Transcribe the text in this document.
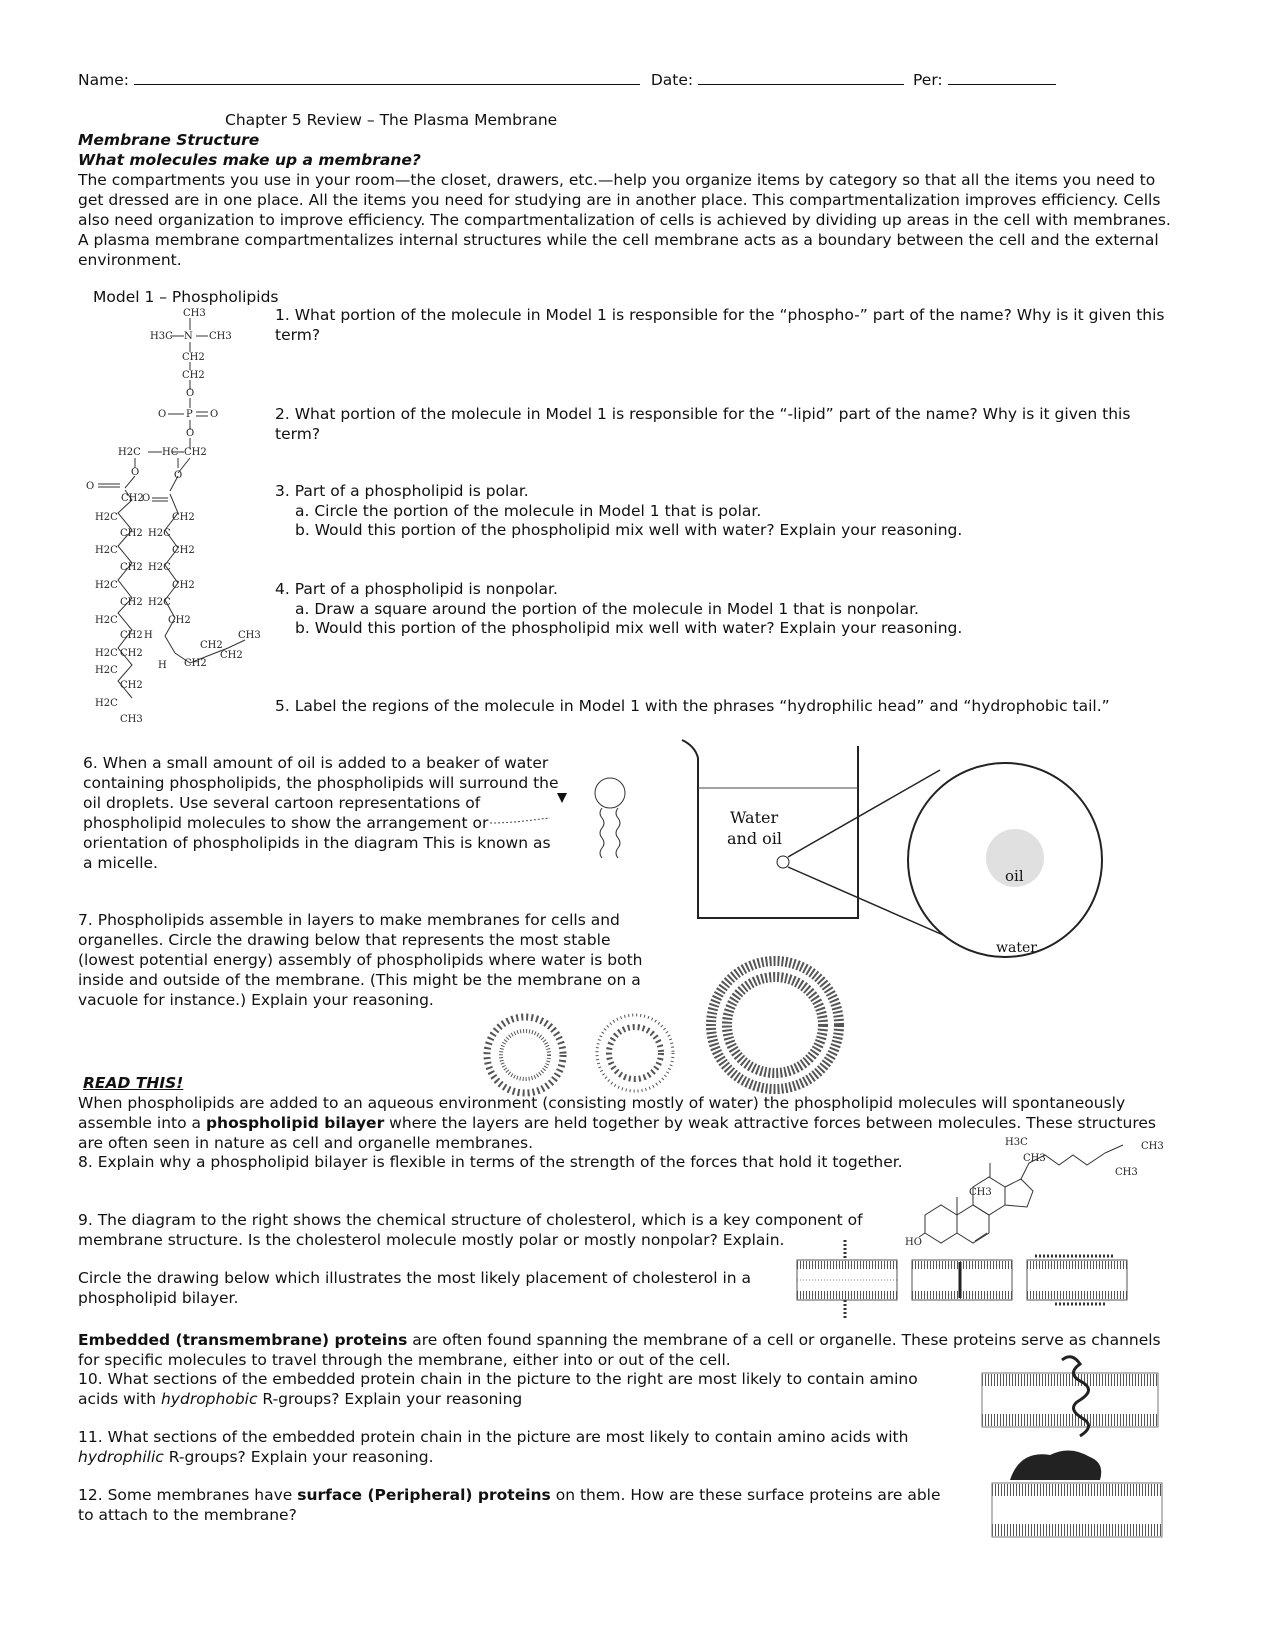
Name:	Date:	Per:
Chapter 5 Review – The Plasma Membrane
Membrane Structure
What molecules make up a membrane?
The compartments you use in your room—the closet, drawers, etc.—help you organize items by category so that all the items you need to get dressed are in one place. All the items you need for studying are in another place. This compartmentalization improves efficiency. Cells also need organization to improve efficiency. The compartmentalization of cells is achieved by dividing up areas in the cell with membranes. A plasma membrane compartmentalizes internal structures while the cell membrane acts as a boundary between the cell and the external environment.
Model 1 – Phospholipids
CH3
H3C N CH3
CH2
CH2
O
O P O
O
H2C HC CH2
O	O
O
CH2
O
H2C	CH2
CH2 H2C
H2C	CH2
CH2 H2C
H2C	CH2
CH2 H2C
H2C	CH2
CH2 H
CH2
CH3
H2C CH2	CH2
H CH2
H2C
CH2
H2C
CH3
1. What portion of the molecule in Model 1 is responsible for the “phospho-” part of the name? Why is it given this term?
2. What portion of the molecule in Model 1 is responsible for the “-lipid” part of the name? Why is it given this term?
3. Part of a phospholipid is polar.
a. Circle the portion of the molecule in Model 1 that is polar.
b. Would this portion of the phospholipid mix well with water? Explain your reasoning.
4. Part of a phospholipid is nonpolar.
a. Draw a square around the portion of the molecule in Model 1 that is nonpolar.
b. Would this portion of the phospholipid mix well with water? Explain your reasoning.
5. Label the regions of the molecule in Model 1 with the phrases “hydrophilic head” and “hydrophobic tail.”
6. When a small amount of oil is added to a beaker of water containing phospholipids, the phospholipids will surround the oil droplets. Use several cartoon representations of phospholipid molecules to show the arrangement or orientation of phospholipids in the diagram This is known as a micelle.
Water
and oil
oil
water
7. Phospholipids assemble in layers to make membranes for cells and organelles. Circle the drawing below that represents the most stable (lowest potential energy) assembly of phospholipids where water is both inside and outside of the membrane. (This might be the membrane on a vacuole for instance.) Explain your reasoning.
READ THIS!
When phospholipids are added to an aqueous environment (consisting mostly of water) the phospholipid molecules will spontaneously assemble into a phospholipid bilayer where the layers are held together by weak attractive forces between molecules. These structures are often seen in nature as cell and organelle membranes.
8. Explain why a phospholipid bilayer is flexible in terms of the strength of the forces that hold it together.
H3C	CH3
CH3
CH3
CH3
HO
9. The diagram to the right shows the chemical structure of cholesterol, which is a key component of membrane structure. Is the cholesterol molecule mostly polar or mostly nonpolar? Explain.
Circle the drawing below which illustrates the most likely placement of cholesterol in a phospholipid bilayer.
Embedded (transmembrane) proteins are often found spanning the membrane of a cell or organelle. These proteins serve as channels for specific molecules to travel through the membrane, either into or out of the cell.
10. What sections of the embedded protein chain in the picture to the right are most likely to contain amino acids with hydrophobic R-groups? Explain your reasoning
11. What sections of the embedded protein chain in the picture are most likely to contain amino acids with hydrophilic R-groups? Explain your reasoning.
12. Some membranes have surface (Peripheral) proteins on them. How are these surface proteins are able to attach to the membrane?
